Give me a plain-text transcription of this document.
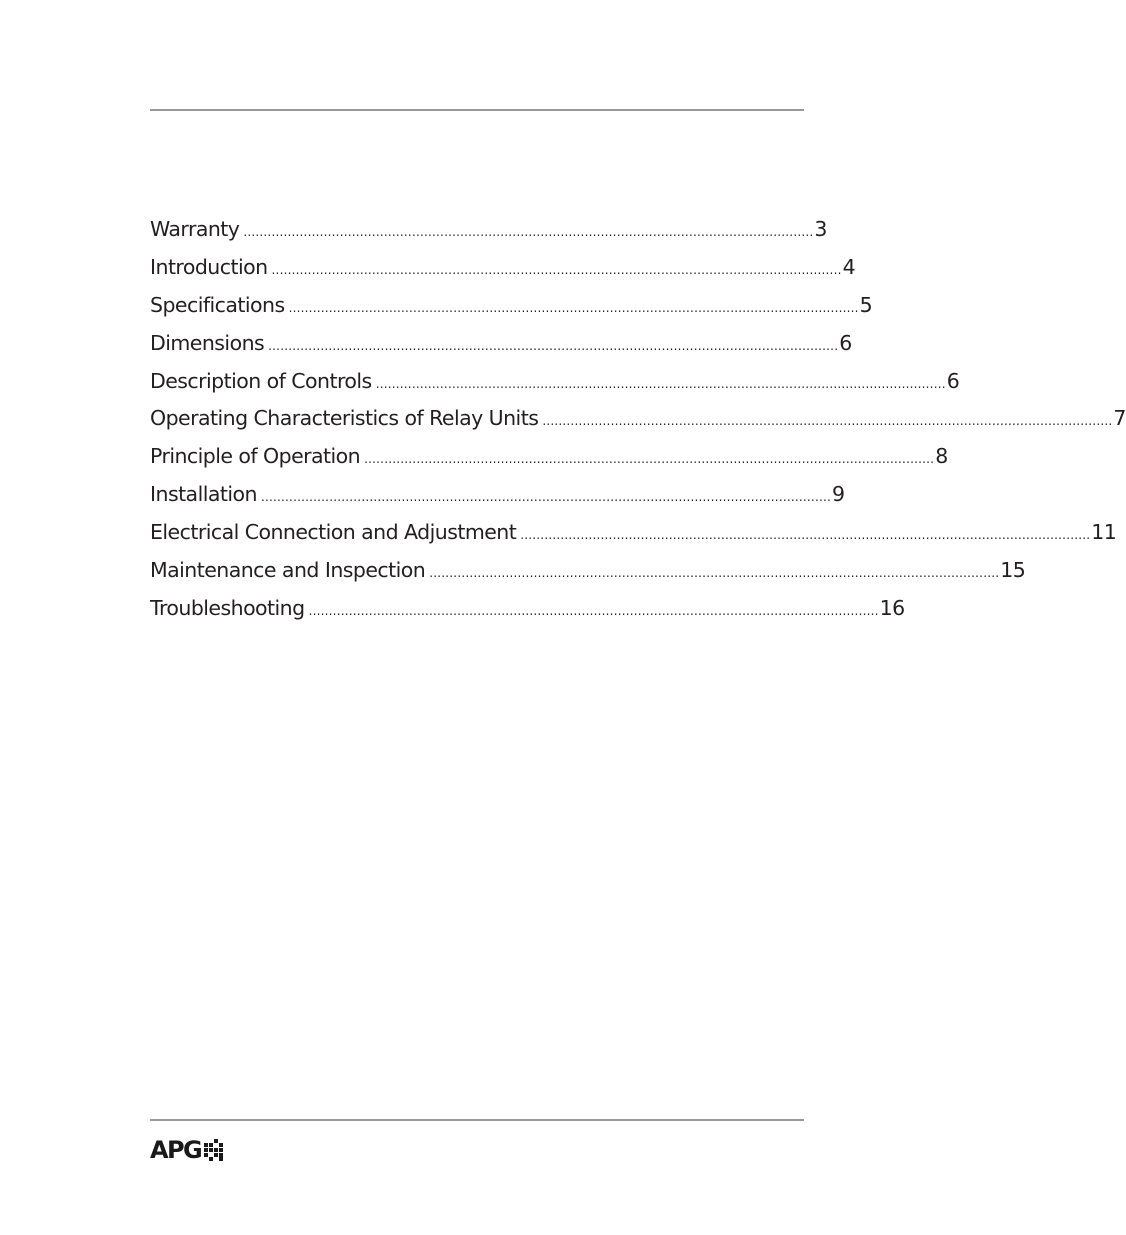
Warranty .............................................................................................................................................. 3
Introduction .............................................................................................................................................. 4
Specifications .............................................................................................................................................. 5
Dimensions .............................................................................................................................................. 6
Description of Controls .............................................................................................................................................. 6
Operating Characteristics of Relay Units .............................................................................................................................................. 7
Principle of Operation .............................................................................................................................................. 8
Installation .............................................................................................................................................. 9
Electrical Connection and Adjustment .............................................................................................................................................. 11
Maintenance and Inspection .............................................................................................................................................. 15
Troubleshooting .............................................................................................................................................. 16
APG
